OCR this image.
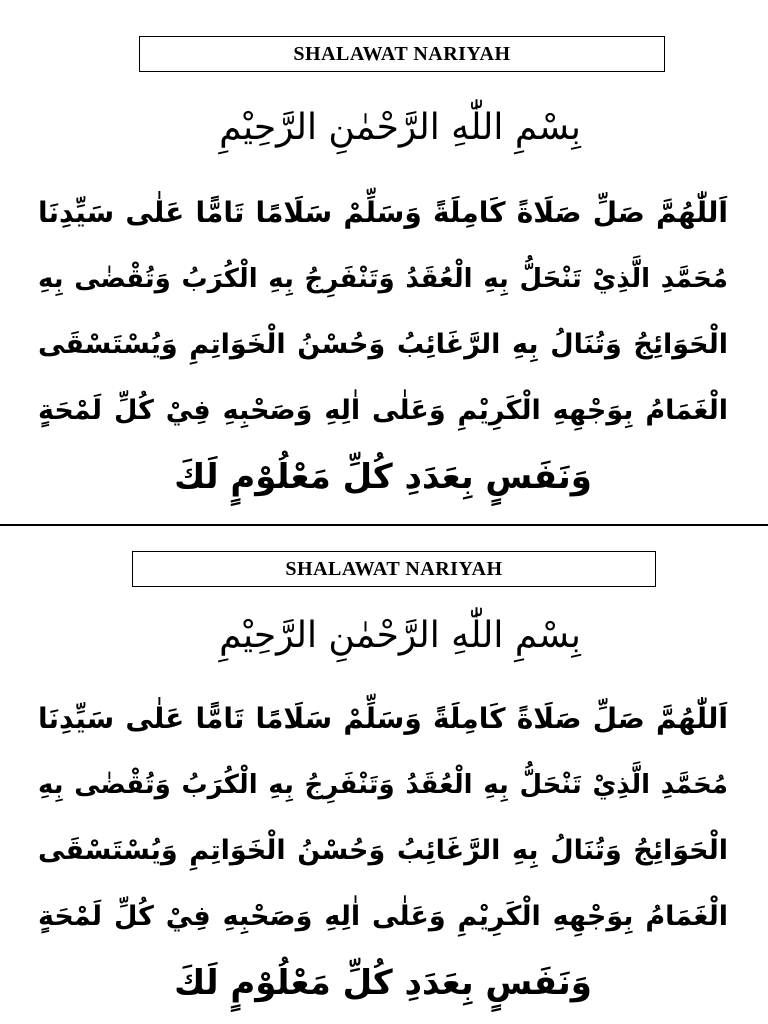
SHALAWAT NARIYAH
بِسْمِ اللّٰهِ الرَّحْمٰنِ الرَّحِيْمِ
اَللّٰهُمَّ صَلِّ صَلَاةً كَامِلَةً وَسَلِّمْ سَلَامًا تَامًّا عَلٰى سَيِّدِنَا
مُحَمَّدِ الَّذِيْ تَنْحَلُّ بِهِ الْعُقَدُ وَتَنْفَرِجُ بِهِ الْكُرَبُ وَتُقْضٰى بِهِ
الْحَوَائِجُ وَتُنَالُ بِهِ الرَّغَائِبُ وَحُسْنُ الْخَوَاتِمِ وَيُسْتَسْقَى
الْغَمَامُ بِوَجْهِهِ الْكَرِيْمِ وَعَلٰى اٰلِهِ وَصَحْبِهِ فِيْ كُلِّ لَمْحَةٍ
وَنَفَسٍ بِعَدَدِ كُلِّ مَعْلُوْمٍ لَكَ
SHALAWAT NARIYAH
بِسْمِ اللّٰهِ الرَّحْمٰنِ الرَّحِيْمِ
اَللّٰهُمَّ صَلِّ صَلَاةً كَامِلَةً وَسَلِّمْ سَلَامًا تَامًّا عَلٰى سَيِّدِنَا
مُحَمَّدِ الَّذِيْ تَنْحَلُّ بِهِ الْعُقَدُ وَتَنْفَرِجُ بِهِ الْكُرَبُ وَتُقْضٰى بِهِ
الْحَوَائِجُ وَتُنَالُ بِهِ الرَّغَائِبُ وَحُسْنُ الْخَوَاتِمِ وَيُسْتَسْقَى
الْغَمَامُ بِوَجْهِهِ الْكَرِيْمِ وَعَلٰى اٰلِهِ وَصَحْبِهِ فِيْ كُلِّ لَمْحَةٍ
وَنَفَسٍ بِعَدَدِ كُلِّ مَعْلُوْمٍ لَكَ
